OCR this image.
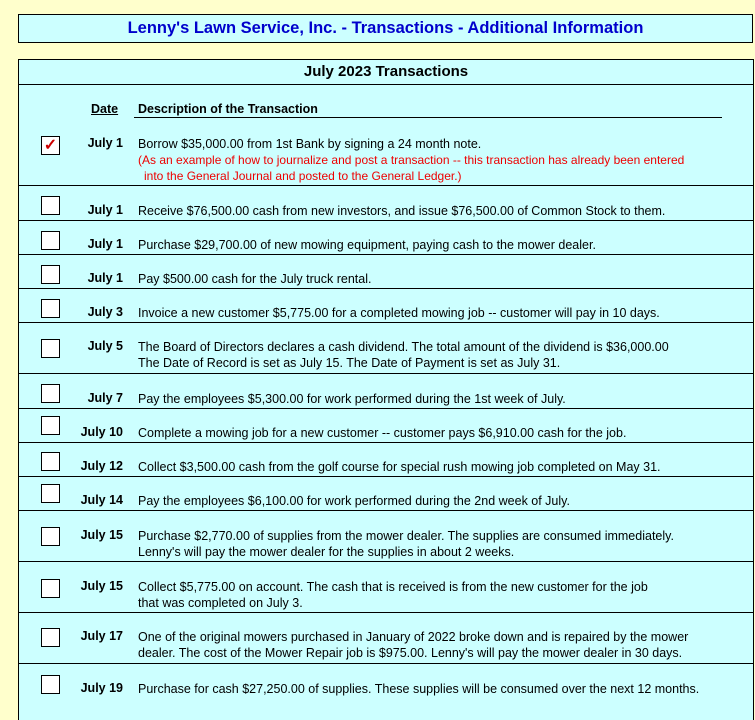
Lenny's Lawn Service, Inc. - Transactions - Additional Information
July 2023 Transactions
Date Description of the Transaction
✓	July 1 Borrow $35,000.00 from 1st Bank by signing a 24 month note.
(As an example of how to journalize and post a transaction -- this transaction has already been entered
into the General Journal and posted to the General Ledger.)
July 1 Receive $76,500.00 cash from new investors, and issue $76,500.00 of Common Stock to them.
July 1 Purchase $29,700.00 of new mowing equipment, paying cash to the mower dealer.
July 1 Pay $500.00 cash for the July truck rental.
July 3 Invoice a new customer $5,775.00 for a completed mowing job -- customer will pay in 10 days.
July 5 The Board of Directors declares a cash dividend. The total amount of the dividend is $36,000.00
The Date of Record is set as July 15. The Date of Payment is set as July 31.
July 7 Pay the employees $5,300.00 for work performed during the 1st week of July.
July 10 Complete a mowing job for a new customer -- customer pays $6,910.00 cash for the job.
July 12 Collect $3,500.00 cash from the golf course for special rush mowing job completed on May 31.
July 14 Pay the employees $6,100.00 for work performed during the 2nd week of July.
July 15 Purchase $2,770.00 of supplies from the mower dealer. The supplies are consumed immediately.
Lenny's will pay the mower dealer for the supplies in about 2 weeks.
July 15 Collect $5,775.00 on account. The cash that is received is from the new customer for the job
that was completed on July 3.
July 17 One of the original mowers purchased in January of 2022 broke down and is repaired by the mower
dealer. The cost of the Mower Repair job is $975.00. Lenny's will pay the mower dealer in 30 days.
July 19 Purchase for cash $27,250.00 of supplies. These supplies will be consumed over the next 12 months.
